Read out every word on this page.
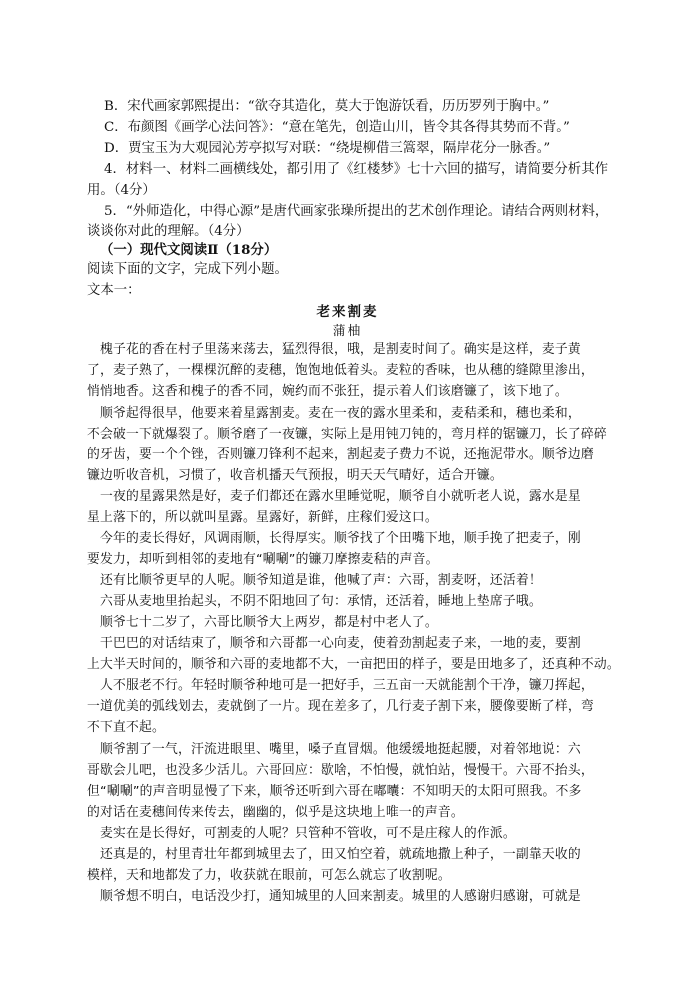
B．宋代画家郭熙提出：“欲夺其造化，莫大于饱游饫看，历历罗列于胸中。”
C．布颜图《画学心法问答》：“意在笔先，创造山川，皆令其各得其势而不背。”
D．贾宝玉为大观园沁芳亭拟写对联：“绕堤柳借三篙翠，隔岸花分一脉香。”
4．材料一、材料二画横线处，都引用了《红楼梦》七十六回的描写，请简要分析其作
用。（4分）
5．“外师造化，中得心源”是唐代画家张璪所提出的艺术创作理论。请结合两则材料，
谈谈你对此的理解。（4分）
（一）现代文阅读Ⅱ（18分）
阅读下面的文字，完成下列小题。
文本一：
老来割麦
蒲柚
槐子花的香在村子里荡来荡去，猛烈得很，哦，是割麦时间了。确实是这样，麦子黄
了，麦子熟了，一棵棵沉醉的麦穗，饱饱地低着头。麦粒的香味，也从穗的缝隙里渗出，
悄悄地香。这香和槐子的香不同，婉约而不张狂，提示着人们该磨镰了，该下地了。
顺爷起得很早，他要来着星露割麦。麦在一夜的露水里柔和，麦秸柔和，穗也柔和，
不会破一下就爆裂了。顺爷磨了一夜镰，实际上是用钝刀钝的，弯月样的锯镰刀，长了碎碎
的牙齿，要一个个锉，否则镰刀锋利不起来，割起麦子费力不说，还拖泥带水。顺爷边磨
镰边听收音机，习惯了，收音机播天气预报，明天天气晴好，适合开镰。
一夜的星露果然是好，麦子们都还在露水里睡觉呢，顺爷自小就听老人说，露水是星
星上落下的，所以就叫星露。星露好，新鲜，庄稼们爱这口。
今年的麦长得好，风调雨顺，长得厚实。顺爷找了个田嘴下地，顺手挽了把麦子，刚
要发力，却听到相邻的麦地有“唰唰”的镰刀摩擦麦秸的声音。
还有比顺爷更早的人呢。顺爷知道是谁，他喊了声：六哥，割麦呀，还活着！
六哥从麦地里抬起头，不阴不阳地回了句：承情，还活着，睡地上垫席子哦。
顺爷七十二岁了，六哥比顺爷大上两岁，都是村中老人了。
干巴巴的对话结束了，顺爷和六哥都一心向麦，使着劲割起麦子来，一地的麦，要割
上大半天时间的，顺爷和六哥的麦地都不大，一亩把田的样子，要是田地多了，还真种不动。
人不服老不行。年轻时顺爷种地可是一把好手，三五亩一天就能割个干净，镰刀挥起，
一道优美的弧线划去，麦就倒了一片。现在差多了，几行麦子割下来，腰像要断了样，弯
不下直不起。
顺爷割了一气，汗流进眼里、嘴里，嗓子直冒烟。他缓缓地挺起腰，对着邻地说：六
哥歇会儿吧，也没多少活儿。六哥回应：歇啥，不怕慢，就怕站，慢慢干。六哥不抬头，
但“唰唰”的声音明显慢了下来，顺爷还听到六哥在嘟囔：不知明天的太阳可照我。不多
的对话在麦穗间传来传去，幽幽的，似乎是这块地上唯一的声音。
麦实在是长得好，可割麦的人呢？只管种不管收，可不是庄稼人的作派。
还真是的，村里青壮年都到城里去了，田又怕空着，就疏地撒上种子，一副靠天收的
模样，天和地都发了力，收获就在眼前，可怎么就忘了收割呢。
顺爷想不明白，电话没少打，通知城里的人回来割麦。城里的人感谢归感谢，可就是
